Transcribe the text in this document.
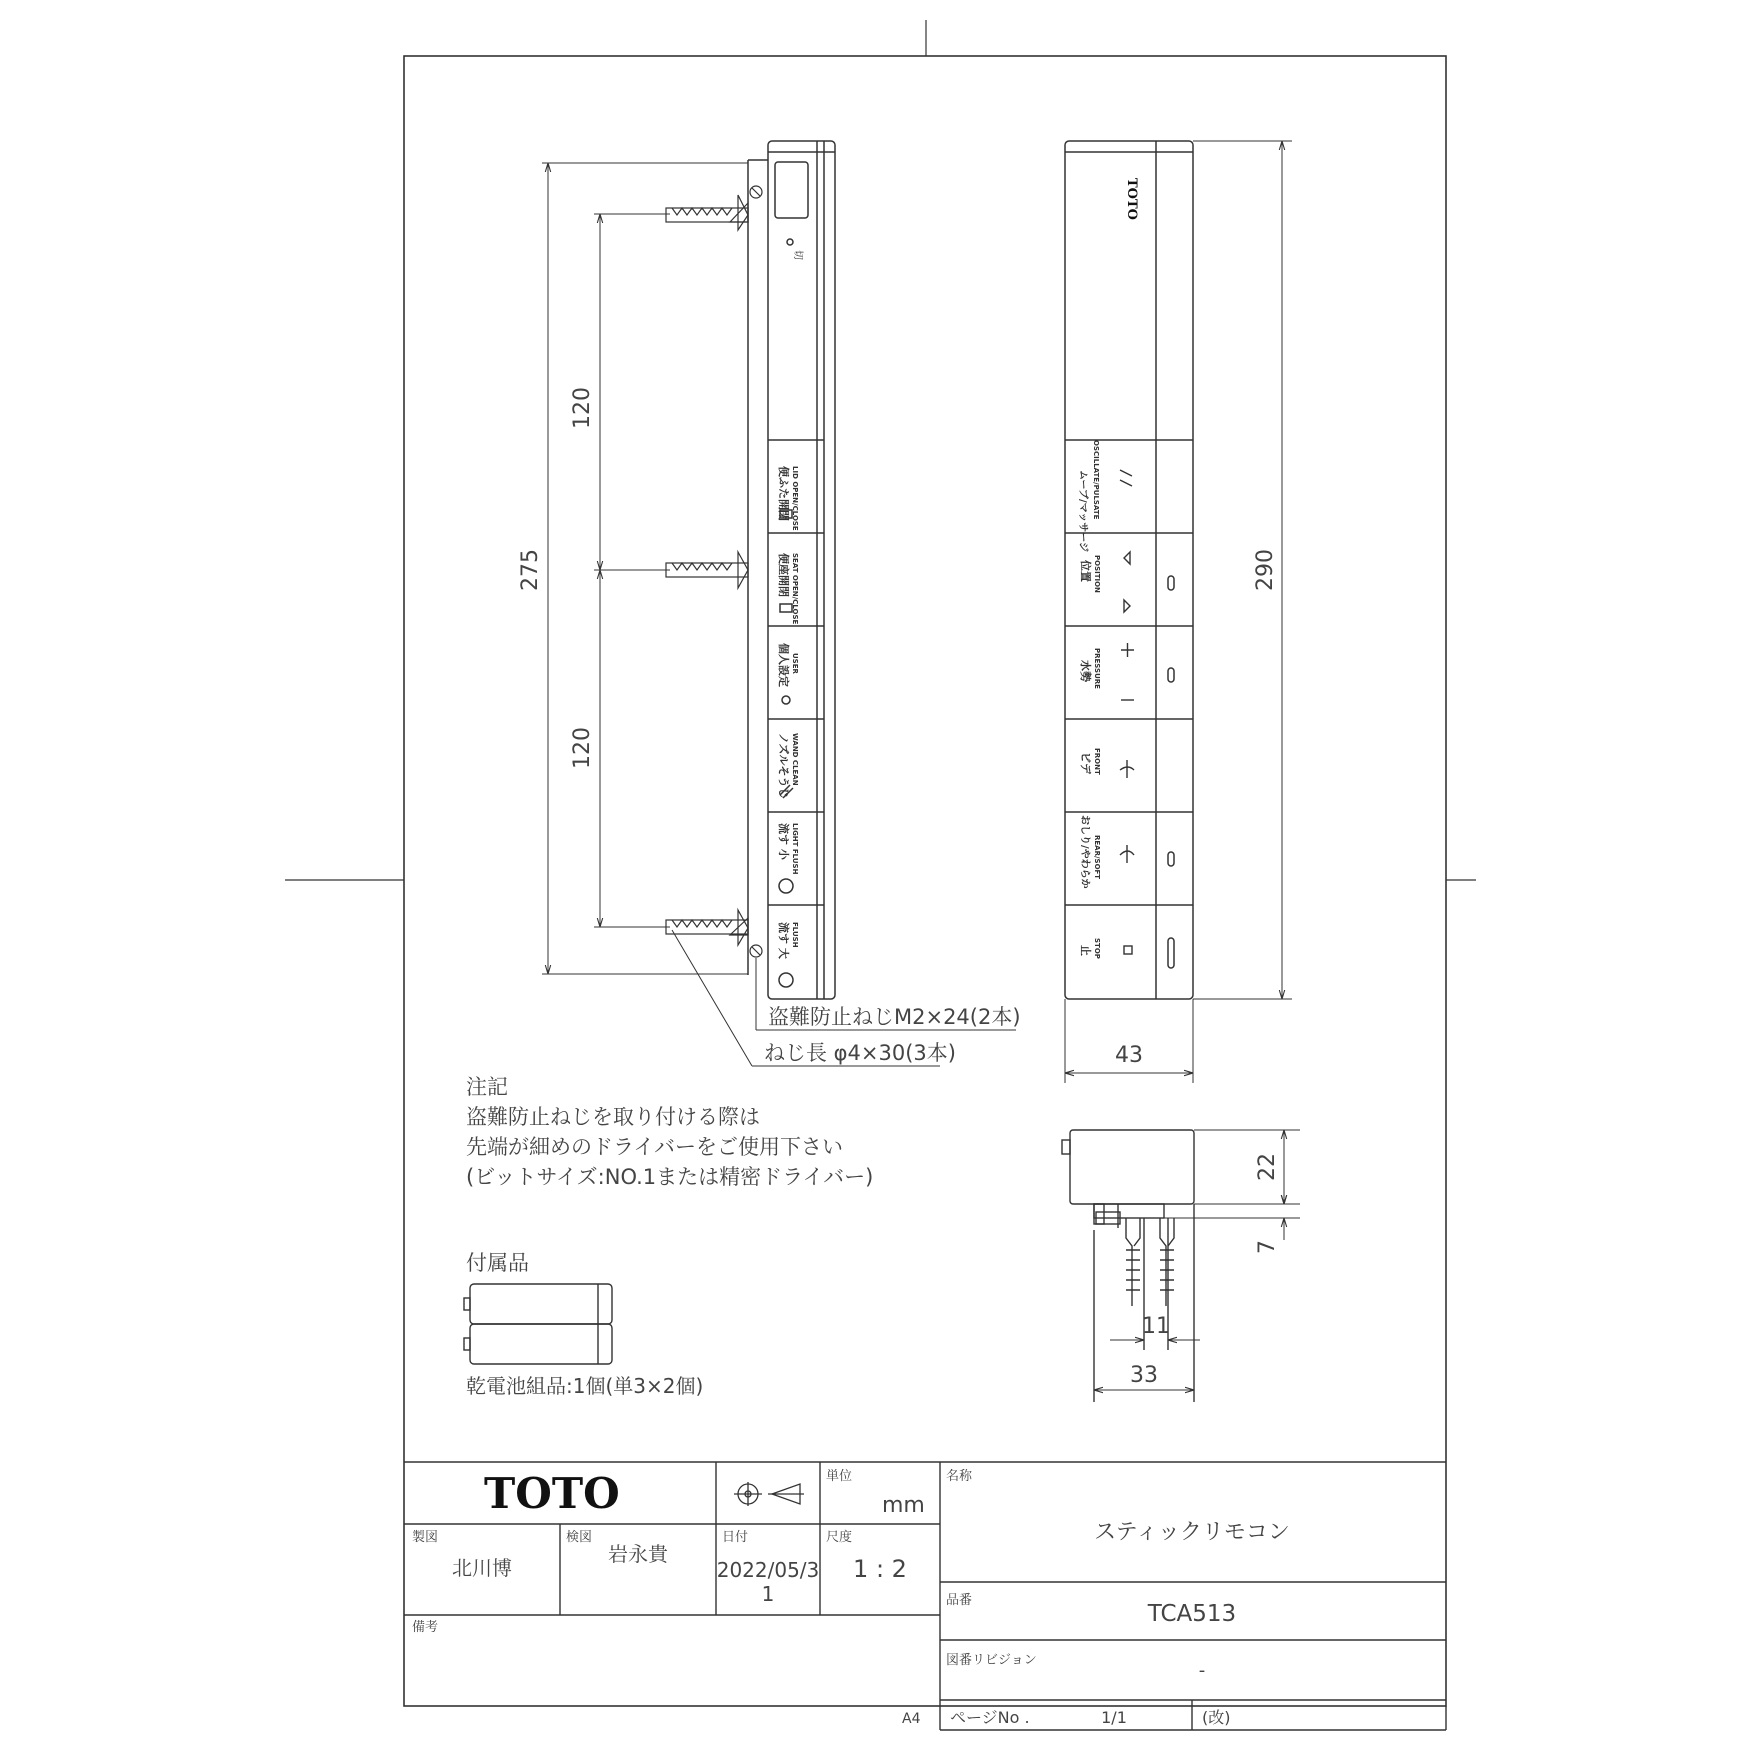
切
便ふた開閉 LID OPEN/CLOSE
便座開閉 SEAT OPEN/CLOSE
個人設定 USER
ノズルそうじ WAND CLEAN
流す 小 LIGHT FLUSH
流す 大 FLUSH
120
120
275
盗難防止ねじM2×24(2本)
ねじ長 φ4×30(3本)
TOTO
ムーブ/マッサージ OSCILLATE/PULSATE
位置 POSITION
水勢 PRESSURE
ビデ FRONT
おしり/やわらか REAR/SOFT
止 STOP
290
43
22
7
11
33
注記
盗難防止ねじを取り付ける際は
先端が細めのドライバーをご使用下さい
(ビットサイズ:NO.1または精密ドライバー)
付属品
乾電池組品:1個(単3×2個)
TOTO	単位
mm
名称
スティックリモコン
製図
北川博
検図
岩永貴
日付
2022/05/3
1
尺度
1 : 2
品番
TCA513
備考
図番リビジョン	-
ページNo .	1/1	(改)
A4
